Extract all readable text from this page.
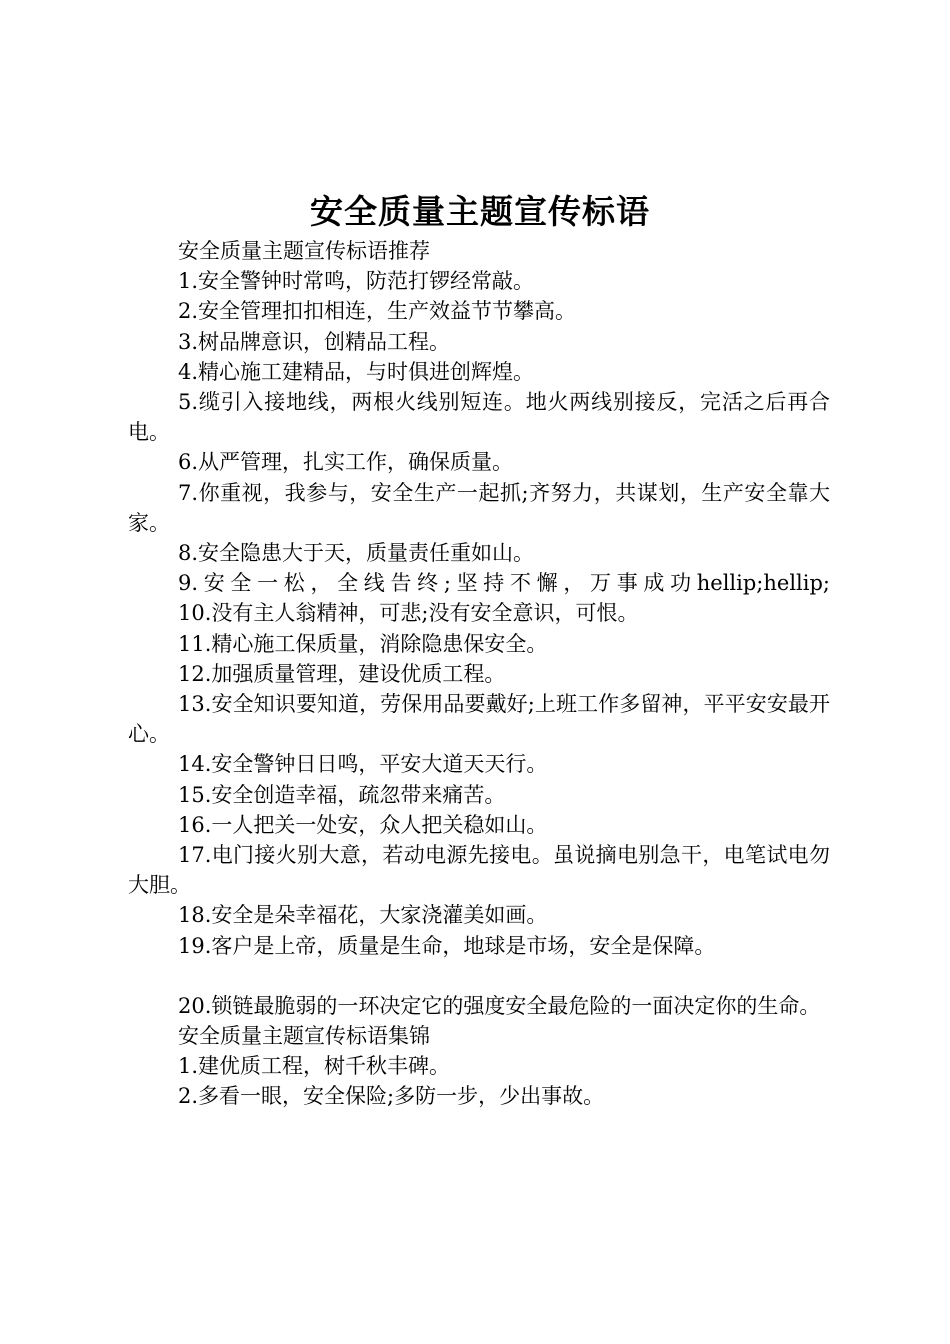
安全质量主题宣传标语

安全质量主题宣传标语推荐

1.安全警钟时常鸣，防范打锣经常敲。

2.安全管理扣扣相连，生产效益节节攀高。

3.树品牌意识，创精品工程。

4.精心施工建精品，与时俱进创辉煌。

5.缆引入接地线，两根火线别短连。地火两线别接反，完活之后再合电。

6.从严管理，扎实工作，确保质量。

7.你重视，我参与，安全生产一起抓;齐努力，共谋划，生产安全靠大家。

8.安全隐患大于天，质量责任重如山。

9.安全一松，全线告终;坚持不懈，万事成功hellip;hellip;

10.没有主人翁精神，可悲;没有安全意识，可恨。

11.精心施工保质量，消除隐患保安全。

12.加强质量管理，建设优质工程。

13.安全知识要知道，劳保用品要戴好;上班工作多留神，平平安安最开心。

14.安全警钟日日鸣，平安大道天天行。

15.安全创造幸福，疏忽带来痛苦。

16.一人把关一处安，众人把关稳如山。

17.电门接火别大意，若动电源先接电。虽说摘电别急干，电笔试电勿大胆。

18.安全是朵幸福花，大家浇灌美如画。

19.客户是上帝，质量是生命，地球是市场，安全是保障。

20.锁链最脆弱的一环决定它的强度安全最危险的一面决定你的生命。

安全质量主题宣传标语集锦

1.建优质工程，树千秋丰碑。

2.多看一眼，安全保险;多防一步，少出事故。
